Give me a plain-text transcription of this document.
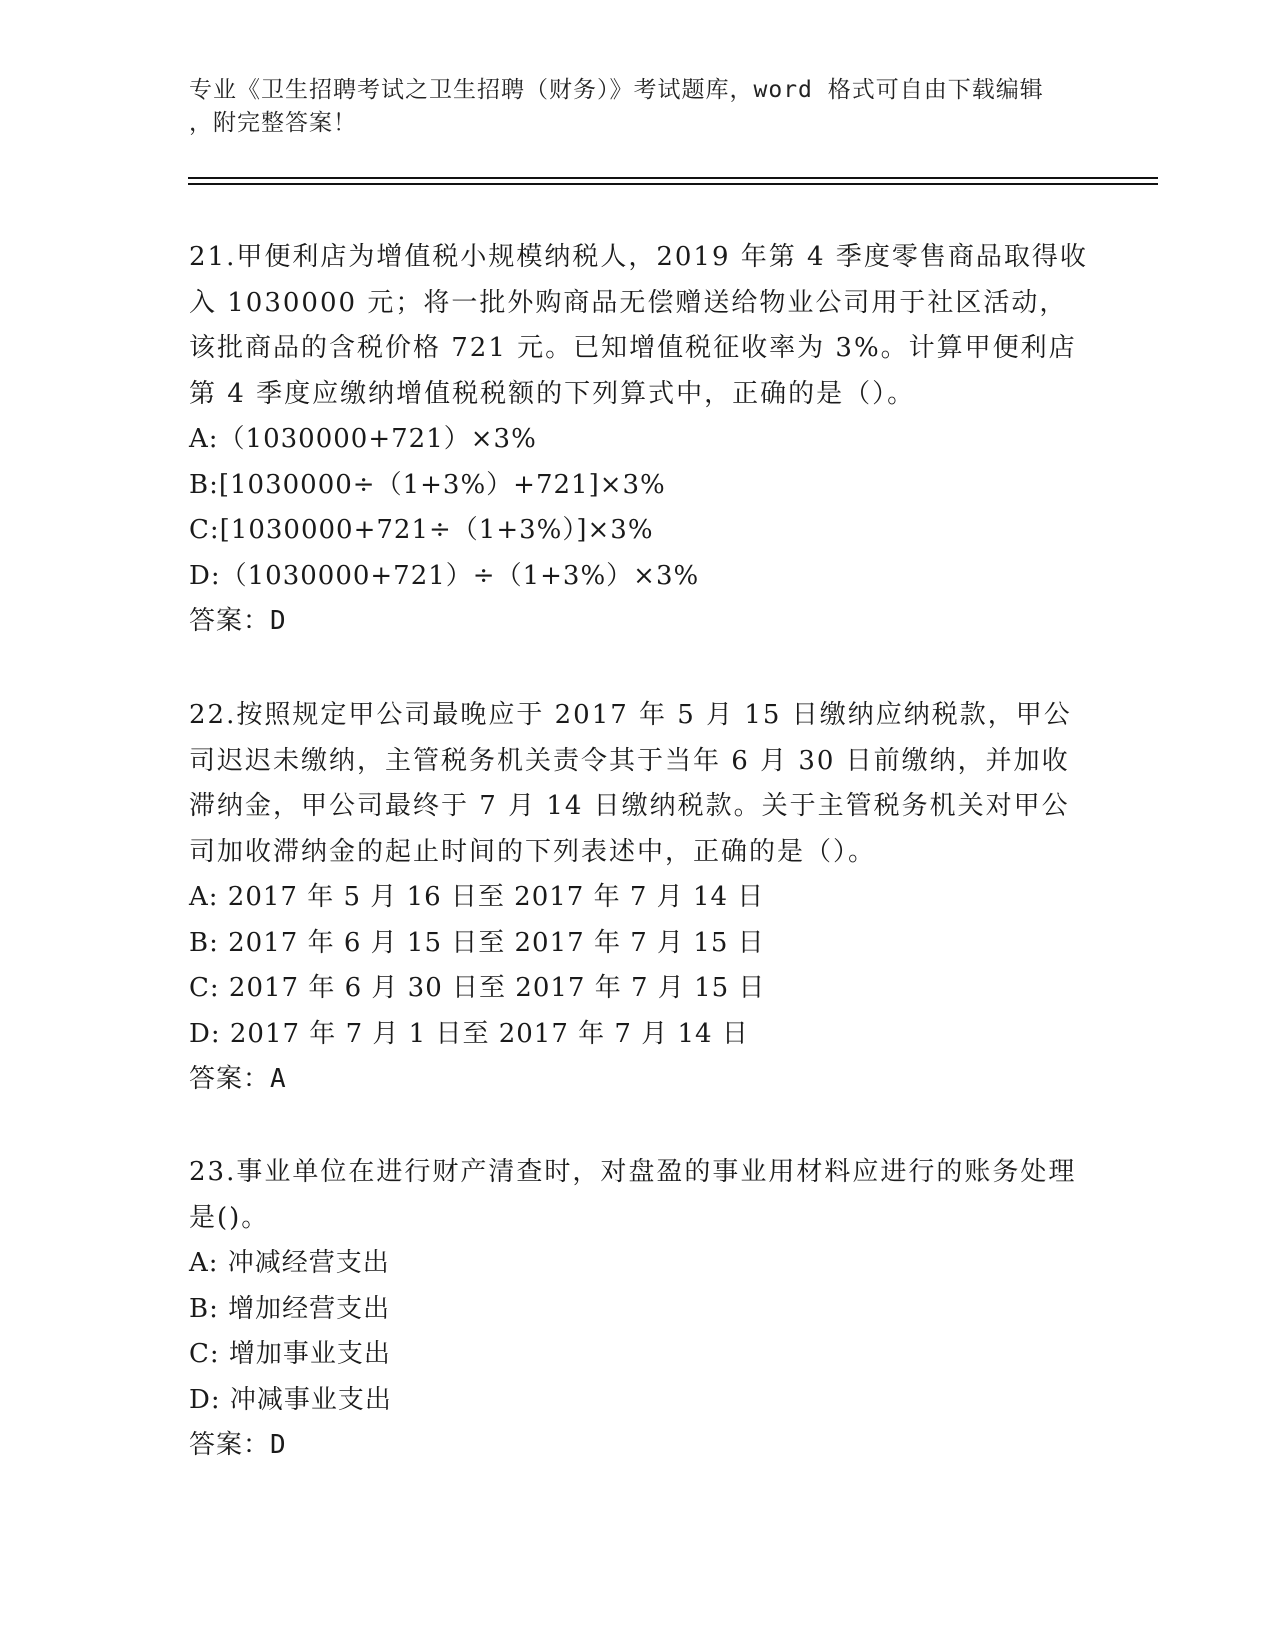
专业《卫生招聘考试之卫生招聘（财务）》考试题库，word 格式可自由下载编辑
，附完整答案！

21.甲便利店为增值税小规模纳税人，2019 年第 4 季度零售商品取得收入 1030000 元；将一批外购商品无偿赠送给物业公司用于社区活动，该批商品的含税价格 721 元。已知增值税征收率为 3%。计算甲便利店第 4 季度应缴纳增值税税额的下列算式中，正确的是（）。

A:（1030000+721）×3%

B:[1030000÷（1+3%）+721]×3%

C:[1030000+721÷（1+3%）]×3%

D:（1030000+721）÷（1+3%）×3%

答案：D

22.按照规定甲公司最晚应于 2017 年 5 月 15 日缴纳应纳税款，甲公司迟迟未缴纳，主管税务机关责令其于当年 6 月 30 日前缴纳，并加收滞纳金，甲公司最终于 7 月 14 日缴纳税款。关于主管税务机关对甲公司加收滞纳金的起止时间的下列表述中，正确的是（）。

A: 2017 年 5 月 16 日至 2017 年 7 月 14 日

B: 2017 年 6 月 15 日至 2017 年 7 月 15 日

C: 2017 年 6 月 30 日至 2017 年 7 月 15 日

D: 2017 年 7 月 1 日至 2017 年 7 月 14 日

答案：A

23.事业单位在进行财产清查时，对盘盈的事业用材料应进行的账务处理是()。

A: 冲减经营支出

B: 增加经营支出

C: 增加事业支出

D: 冲减事业支出

答案：D
